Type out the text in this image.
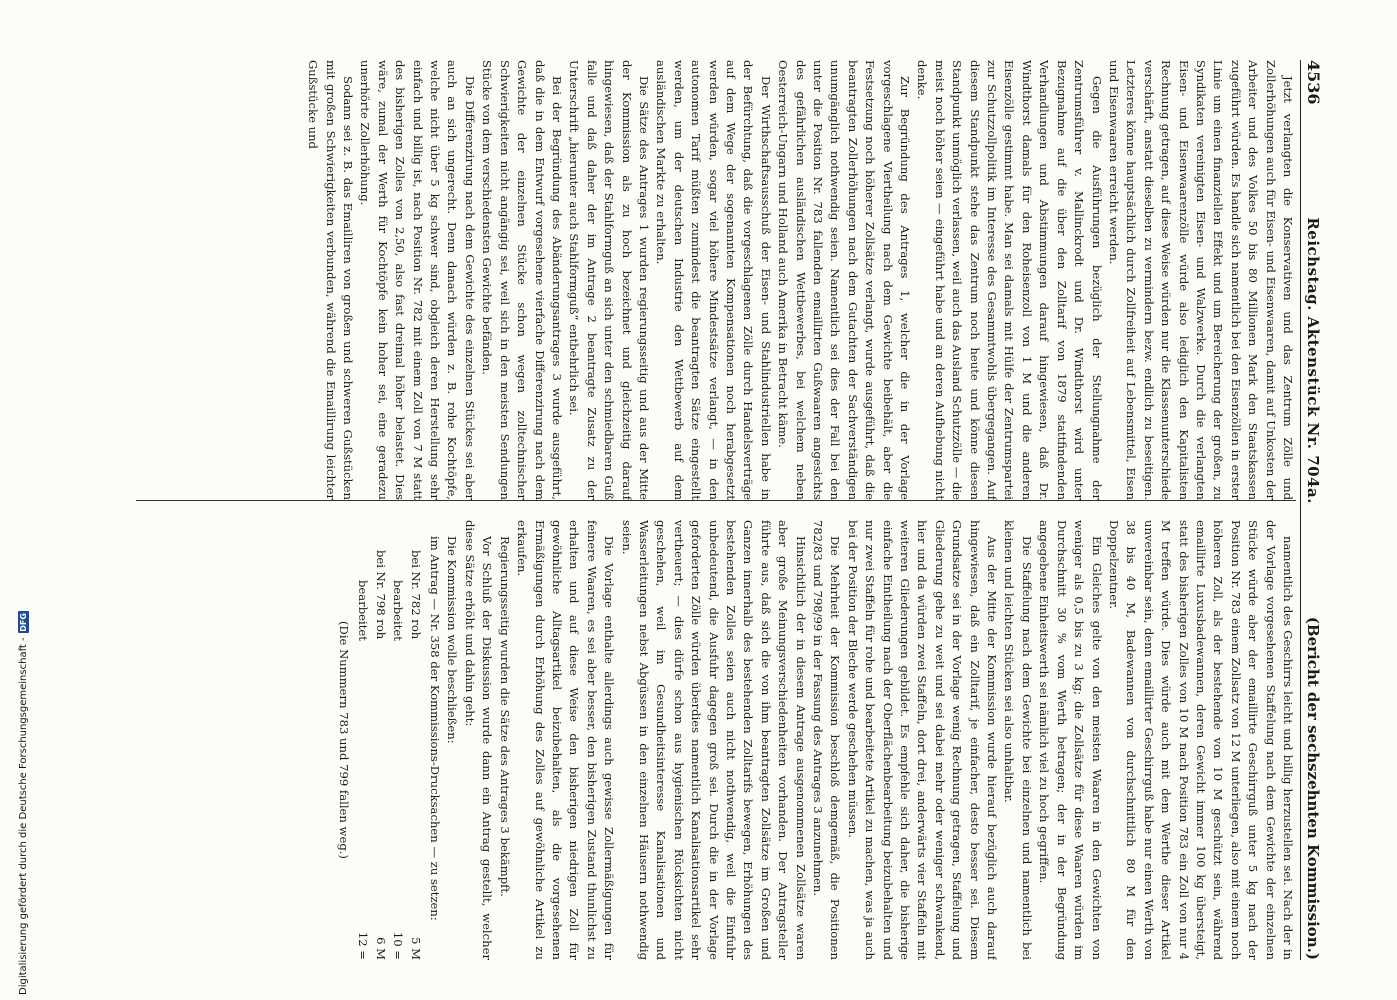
4536
Reichstag. Aktenstück Nr. 704a.
(Bericht der sechszehnten Kommission.)

Jetzt verlangten die Konservativen und das Zentrum Zölle und Zollerhöhungen auch für Eisen- und Eisenwaaren, damit auf Unkosten der Arbeiter und des Volkes 50 bis 80 Millionen Mark den Staatskassen zugeführt würden. Es handle sich namentlich bei den Eisenzöllen in erster Linie um einen finanziellen Effekt und um Bereicherung der großen, zu Syndikaten vereinigten Eisen- und Walzwerke. Durch die verlangten Eisen- und Eisenwaarenzölle würde also lediglich den Kapitalisten Rechnung getragen, auf diese Weise würden nur die Klassenunterschiede verschärft, anstatt dieselben zu vermindern bezw. endlich zu beseitigen. Letzteres könne hauptsächlich durch Zollfreiheit auf Lebensmittel, Eisen und Eisenwaaren erreicht werden.

Gegen die Ausführungen bezüglich der Stellungnahme der Zentrumsführer v. Mallinckrodt und Dr. Windthorst wird unter Bezugnahme auf die über den Zolltarif von 1879 stattfindenden Verhandlungen und Abstimmungen darauf hingewiesen, daß Dr. Windthorst damals für den Roheisenzoll von 1 M und die anderen Eisenzölle gestimmt habe. Man sei damals mit Hülfe der Zentrumspartei zur Schutzzollpolitik im Interesse des Gesammtwohls übergegangen. Auf diesem Standpunkt stehe das Zentrum noch heute und könne diesen Standpunkt unmöglich verlassen, weil auch das Ausland Schutzzölle — die meist noch höher seien — eingeführt habe und an deren Aufhebung nicht denke.

Zur Begründung des Antrages 1, welcher die in der Vorlage vorgeschlagene Viertheilung nach dem Gewichte beibehält, aber die Festsetzung noch höherer Zollsätze verlangt, wurde ausgeführt, daß die beantragten Zollerhöhungen nach dem Gutachten der Sachverständigen unumgänglich nothwendig seien. Namentlich sei dies der Fall bei den unter die Position Nr. 783 fallenden emaillirten Gußwaaren angesichts des gefährlichen ausländischen Wettbewerbes, bei welchem neben Oesterreich-Ungarn und Holland auch Amerika in Betracht käme.

Der Wirthschaftsausschuß der Eisen- und Stahlindustriellen habe in der Befürchtung, daß die vorgeschlagenen Zölle durch Handelsverträge auf dem Wege der sogenannten Kompensationen noch herabgesetzt werden würden, sogar viel höhere Mindestsätze verlangt, — in den autonomen Tarif müßten zumindest die beantragten Sätze eingestellt werden, um der deutschen Industrie den Wettbewerb auf dem ausländischen Markte zu erhalten.

Die Sätze des Antrages 1 wurden regierungsseitig und aus der Mitte der Kommission als zu hoch bezeichnet und gleichzeitig darauf hingewiesen, daß der Stahlformguß an sich unter den schmiedbaren Guß falle und daß daher der im Antrage 2 beantragte Zusatz zu der Unterschrift „hierunter auch Stahlformguß“ entbehrlich sei.

Bei der Begründung des Abänderungsantrages 3 wurde ausgeführt, daß die in dem Entwurf vorgesehene vierfache Differenzirung nach dem Gewichte der einzelnen Stücke schon wegen zolltechnischer Schwierigkeiten nicht angängig sei, weil sich in den meisten Sendungen Stücke von dem verschiedensten Gewichte befänden.

Die Differenzirung nach dem Gewichte des einzelnen Stückes sei aber auch an sich ungerecht. Denn danach würden z. B. rohe Kochtöpfe, welche nicht über 5 kg schwer sind, obgleich deren Herstellung sehr einfach und billig ist, nach Position Nr. 782 mit einem Zoll von 7 M statt des bisherigen Zolles von 2,50, also fast dreimal höher belastet. Dies wäre, zumal der Werth für Kochtöpfe kein hoher sei, eine geradezu unerhörte Zollerhöhung.

Sodann sei z. B. das Emailliren von großen und schweren Gußstücken mit großen Schwierigkeiten verbunden, während die Emaillirung leichter Gußstücke und

namentlich des Geschirrs leicht und billig herzustellen sei. Nach der in der Vorlage vorgesehenen Staffelung nach dem Gewichte der einzelnen Stücke würde aber der emaillirte Geschirrguß unter 5 kg nach der Position Nr. 783 einem Zollsatz von 12 M unterliegen, also mit einem noch höheren Zoll, als der bestehende von 10 M geschützt sein, während emaillirte Luxusbadewannen, deren Gewicht immer 100 kg übersteigt, statt des bisherigen Zolles von 10 M nach Position 783 ein Zoll von nur 4 M treffen würde. Dies würde auch mit dem Werthe dieser Artikel unvereinbar sein, denn emaillirter Geschirrguß habe nur einen Werth von 38 bis 40 M, Badewannen von durchschnittlich 80 M für den Doppelzentner.

Ein Gleiches gelte von den meisten Waaren in den Gewichten von weniger als 0,5 bis zu 3 kg; die Zollsätze für diese Waaren würden im Durchschnitt 30 % vom Werth betragen; der in der Begründung angegebene Einheitswerth sei nämlich viel zu hoch gegriffen.

Die Staffelung nach dem Gewichte bei einzelnen und namentlich bei kleinen und leichten Stücken sei also unhaltbar.

Aus der Mitte der Kommission wurde hierauf bezüglich auch darauf hingewiesen, daß ein Zolltarif, je einfacher, desto besser sei. Diesem Grundsatze sei in der Vorlage wenig Rechnung getragen, Staffelung und Gliederung gehe zu weit und sei dabei mehr oder weniger schwankend, hier und da würden zwei Staffeln, dort drei, anderwärts vier Staffeln mit weiteren Gliederungen gebildet. Es empfehle sich daher, die bisherige einfache Eintheilung nach der Oberflächenbearbeitung beizubehalten und nur zwei Staffeln für rohe und bearbeitete Artikel zu machen, was ja auch bei der Position der Bleche werde geschehen müssen.

Die Mehrheit der Kommission beschloß demgemäß, die Positionen 782/83 und 798/99 in der Fassung des Antrages 3 anzunehmen.

Hinsichtlich der in diesem Antrage ausgenommenen Zollsätze waren aber große Meinungsverschiedenheiten vorhanden. Der Antragsteller führte aus, daß sich die von ihm beantragten Zollsätze im Großen und Ganzen innerhalb des bestehenden Zolltarifs bewegen, Erhöhungen des bestehenden Zolles seien auch nicht nothwendig, weil die Einfuhr unbedeutend, die Ausfuhr dagegen groß sei. Durch die in der Vorlage geforderten Zölle würden überdies namentlich Kanalisationsartikel sehr vertheuert; — dies dürfe schon aus hygienischen Rücksichten nicht geschehen, weil im Gesundheitsinteresse Kanalisationen und Wasserleitungen nebst Abgüssen in den einzelnen Häusern nothwendig seien.

Die Vorlage enthalte allerdings auch gewisse Zollermäßigungen für feinere Waaren, es sei aber besser, den bisherigen Zustand thunlichst zu erhalten und auf diese Weise den bisherigen niedrigen Zoll für gewöhnliche Alltagsartikel beizubehalten, als die vorgesehenen Ermäßigungen durch Erhöhung des Zolles auf gewöhnliche Artikel zu erkaufen.

Regierungsseitig wurden die Sätze des Antrages 3 bekämpft.

Vor Schluß der Diskussion wurde dann ein Antrag gestellt, welcher diese Sätze erhöht und dahin geht:

Die Kommission wolle beschließen:

im Antrag — Nr. 358 der Kommissions-Drucksachen — zu setzen:

bei Nr. 782 roh
5 M
bearbeitet
10 =
bei Nr. 798 roh
6 M
bearbeitet
12 =

(Die Nummern 783 und 799 fallen weg.)

Digitalisierung gefördert durch die Deutsche Forschungsgemeinschaft -
DFG
